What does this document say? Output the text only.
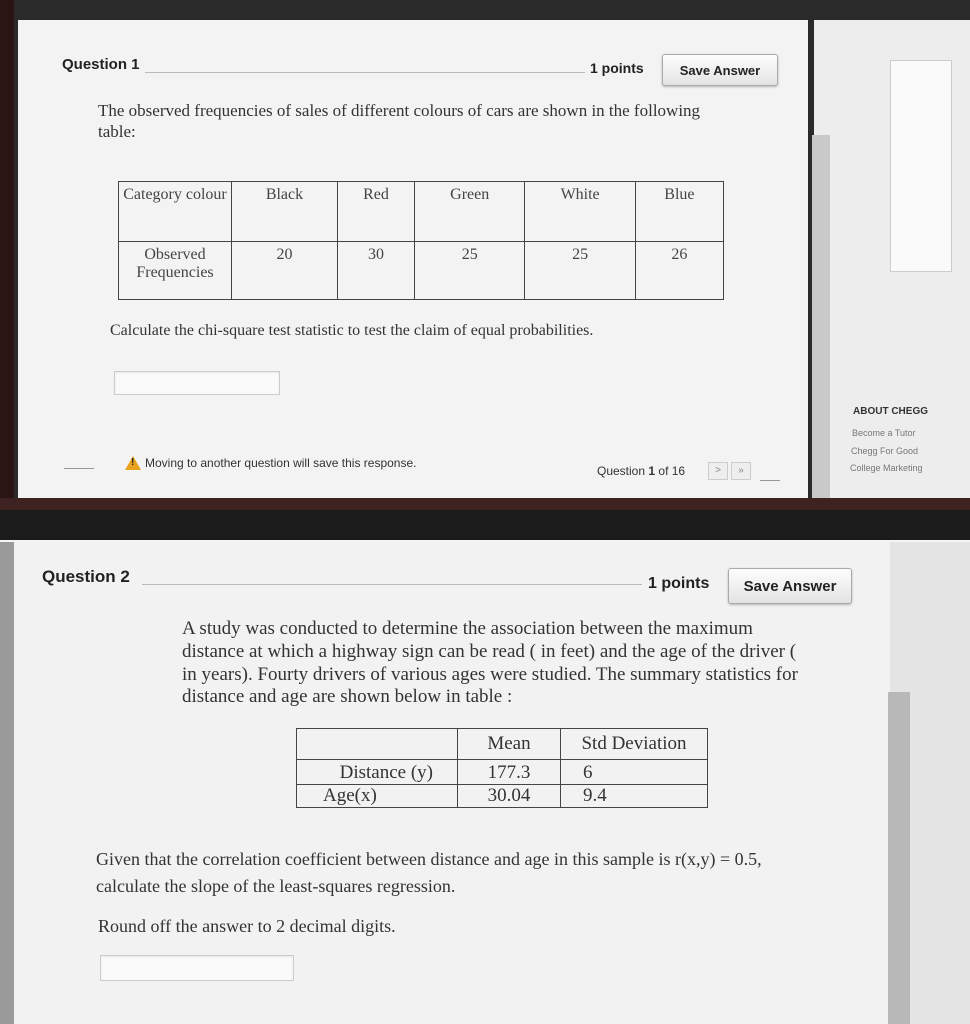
Question 1	1 points	Save Answer
The observed frequencies of sales of different colours of cars are shown in the following table:
Category colour	Black	Red	Green	White	Blue
Observed Frequencies	20	30	25	25	26
Calculate the chi-square test statistic to test the claim of equal probabilities.
!
Moving to another question will save this response.
Question 1 of 16	>	»
ABOUT CHEGG
Become a Tutor
Chegg For Good
College Marketing
Question 2	1 points	Save Answer
A study was conducted to determine the association between the maximum distance at which a highway sign can be read ( in feet) and the age of the driver ( in years). Fourty drivers of various ages were studied. The summary statistics for distance and age are shown below in table :
	Mean	Std Deviation
Distance (y)	177.3	6
Age(x)	30.04	9.4
Given that the correlation coefficient between distance and age in this sample is r(x,y) = 0.5, calculate the slope of the least-squares regression.
Round off the answer to 2 decimal digits.
